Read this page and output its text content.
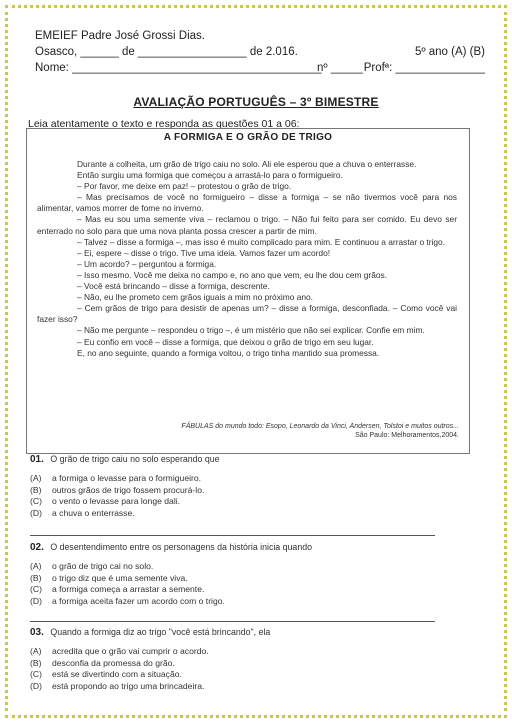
EMEIEF Padre José Grossi Dias.
Osasco, ______ de _________________ de 2.016.	5º ano (A) (B)
Nome: _______________________________________
nº _____ Profª: ______________
AVALIAÇÃO PORTUGUÊS – 3º BIMESTRE
Leia atentamente o texto e responda as questões 01 a 06:
A FORMIGA E O GRÃO DE TRIGO

Durante a colheita, um grão de trigo caiu no solo. Ali ele esperou que a chuva o enterrasse.

Então surgiu uma formiga que começou a arrastá-lo para o formigueiro.

– Por favor, me deixe em paz! – protestou o grão de trigo.

– Mas precisamos de você no formigueiro – disse a formiga – se não tivermos você para nos alimentar, vamos morrer de fome no inverno.

– Mas eu sou uma semente viva – reclamou o trigo. – Não fui feito para ser comido. Eu devo ser enterrado no solo para que uma nova planta possa crescer a partir de mim.

– Talvez – disse a formiga –, mas isso é muito complicado para mim. E continuou a arrastar o trigo.

– Ei, espere – disse o trigo. Tive uma ideia. Vamos fazer um acordo!

– Um acordo? – perguntou a formiga.

– Isso mesmo. Você me deixa no campo e, no ano que vem, eu lhe dou cem grãos.

– Você está brincando – disse a formiga, descrente.

– Não, eu lhe prometo cem grãos iguais a mim no próximo ano.

– Cem grãos de trigo para desistir de apenas um? – disse a formiga, desconfiada. – Como você vai fazer isso?

– Não me pergunte – respondeu o trigo –, é um mistério que não sei explicar. Confie em mim.

– Eu confio em você – disse a formiga, que deixou o grão de trigo em seu lugar.

E, no ano seguinte, quando a formiga voltou, o trigo tinha mantido sua promessa.

FÁBULAS do mundo todo: Esopo, Leonardo da Vinci, Andersen, Tolstoi e muitos outros...
São Paulo: Melhoramentos,2004.
01. O grão de trigo caiu no solo esperando que
(A) a formiga o levasse para o formigueiro.
(B) outros grãos de trigo fossem procurá-lo.
(C) o vento o levasse para longe dali.
(D) a chuva o enterrasse.
02. O desentendimento entre os personagens da história inicia quando
(A) o grão de trigo cai no solo.
(B) o trigo diz que é uma semente viva.
(C) a formiga começa a arrastar a semente.
(D) a formiga aceita fazer um acordo com o trigo.
03. Quando a formiga diz ao trigo "você está brincando", ela
(A) acredita que o grão vai cumprir o acordo.
(B) desconfia da promessa do grão.
(C) está se divertindo com a situação.
(D) está propondo ao trigo uma brincadeira.
